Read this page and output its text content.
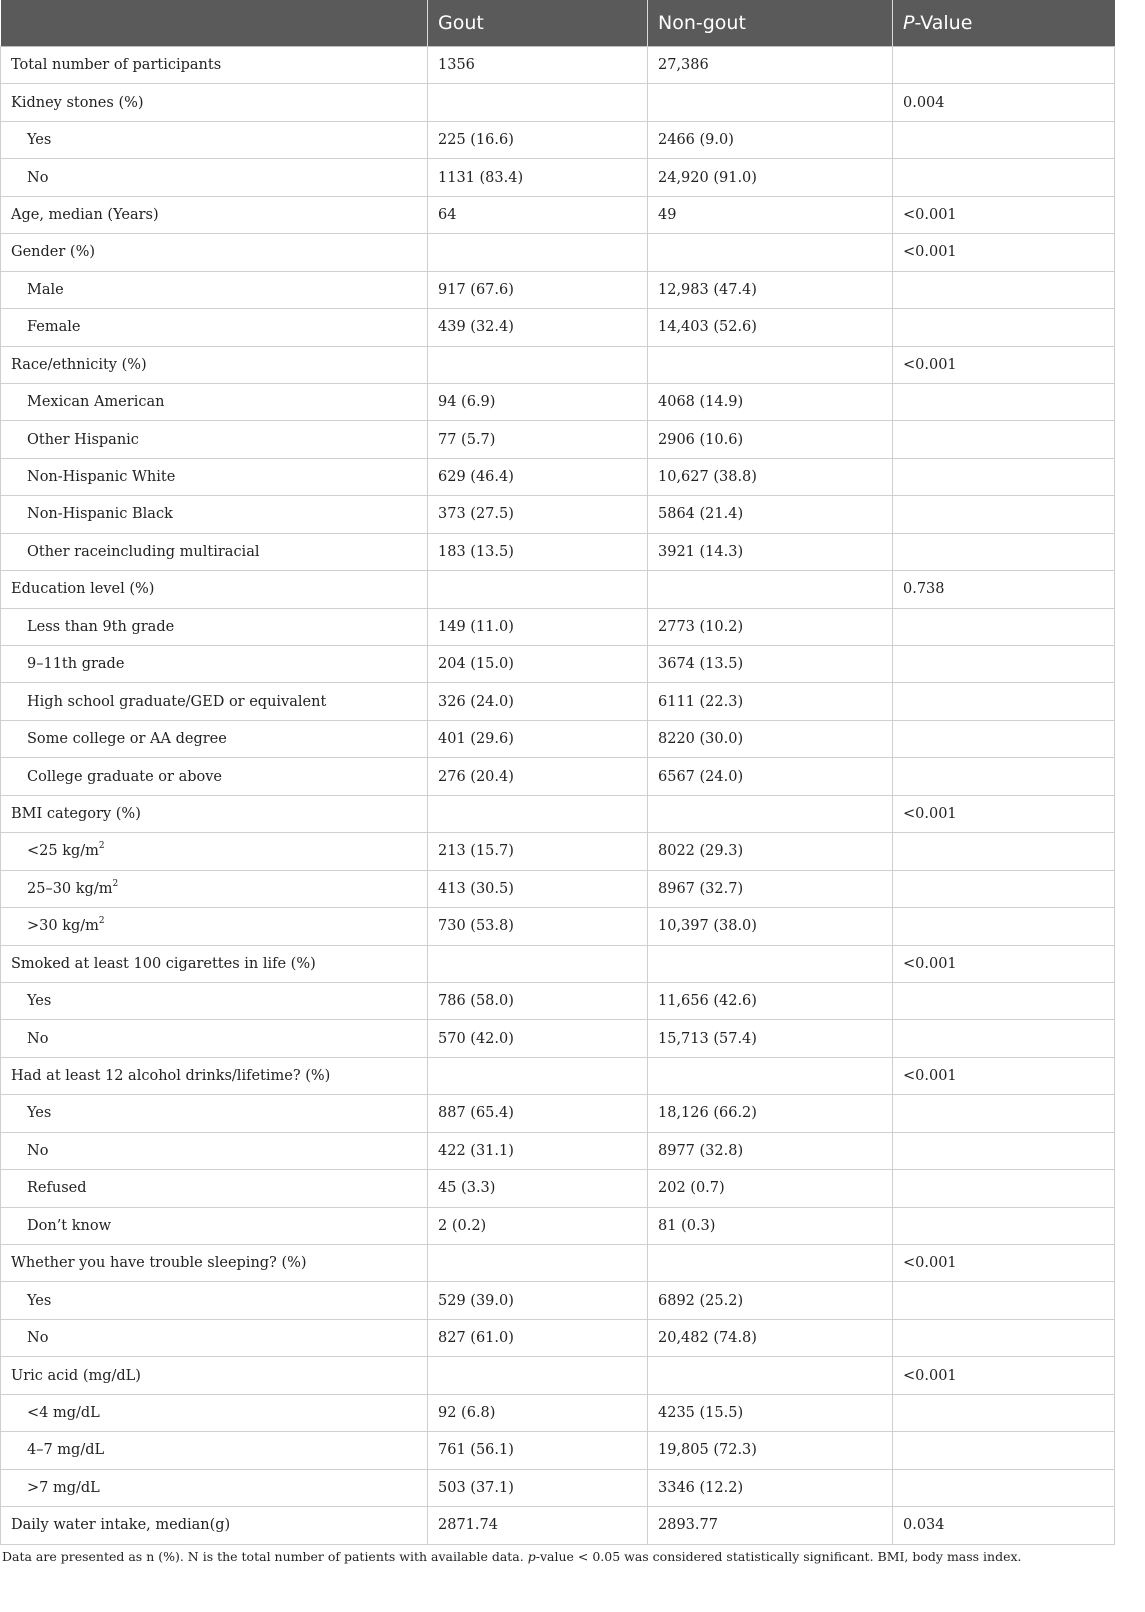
	Gout	Non-gout	P-Value
Total number of participants	1356	27,386	
Kidney stones (%)			0.004
Yes	225 (16.6)	2466 (9.0)	
No	1131 (83.4)	24,920 (91.0)	
Age, median (Years)	64	49	<0.001
Gender (%)			<0.001
Male	917 (67.6)	12,983 (47.4)	
Female	439 (32.4)	14,403 (52.6)	
Race/ethnicity (%)			<0.001
Mexican American	94 (6.9)	4068 (14.9)	
Other Hispanic	77 (5.7)	2906 (10.6)	
Non-Hispanic White	629 (46.4)	10,627 (38.8)	
Non-Hispanic Black	373 (27.5)	5864 (21.4)	
Other raceincluding multiracial	183 (13.5)	3921 (14.3)	
Education level (%)			0.738
Less than 9th grade	149 (11.0)	2773 (10.2)	
9–11th grade	204 (15.0)	3674 (13.5)	
High school graduate/GED or equivalent	326 (24.0)	6111 (22.3)	
Some college or AA degree	401 (29.6)	8220 (30.0)	
College graduate or above	276 (20.4)	6567 (24.0)	
BMI category (%)			<0.001
<25 $kg/m^2$	213 (15.7)	8022 (29.3)	
25–30 $kg/m^2$	413 (30.5)	8967 (32.7)	
>30 $kg/m^2$	730 (53.8)	10,397 (38.0)	
Smoked at least 100 cigarettes in life (%)			<0.001
Yes	786 (58.0)	11,656 (42.6)	
No	570 (42.0)	15,713 (57.4)	
Had at least 12 alcohol drinks/lifetime? (%)			<0.001
Yes	887 (65.4)	18,126 (66.2)	
No	422 (31.1)	8977 (32.8)	
Refused	45 (3.3)	202 (0.7)	
Don’t know	2 (0.2)	81 (0.3)	
Whether you have trouble sleeping? (%)			<0.001
Yes	529 (39.0)	6892 (25.2)	
No	827 (61.0)	20,482 (74.8)	
Uric acid (mg/dL)			<0.001
<4 mg/dL	92 (6.8)	4235 (15.5)	
4–7 mg/dL	761 (56.1)	19,805 (72.3)	
>7 mg/dL	503 (37.1)	3346 (12.2)	
Daily water intake, median(g)	2871.74	2893.77	0.034
Data are presented as n (%). N is the total number of patients with available data. p-value < 0.05 was considered statistically significant. BMI, body mass index.
